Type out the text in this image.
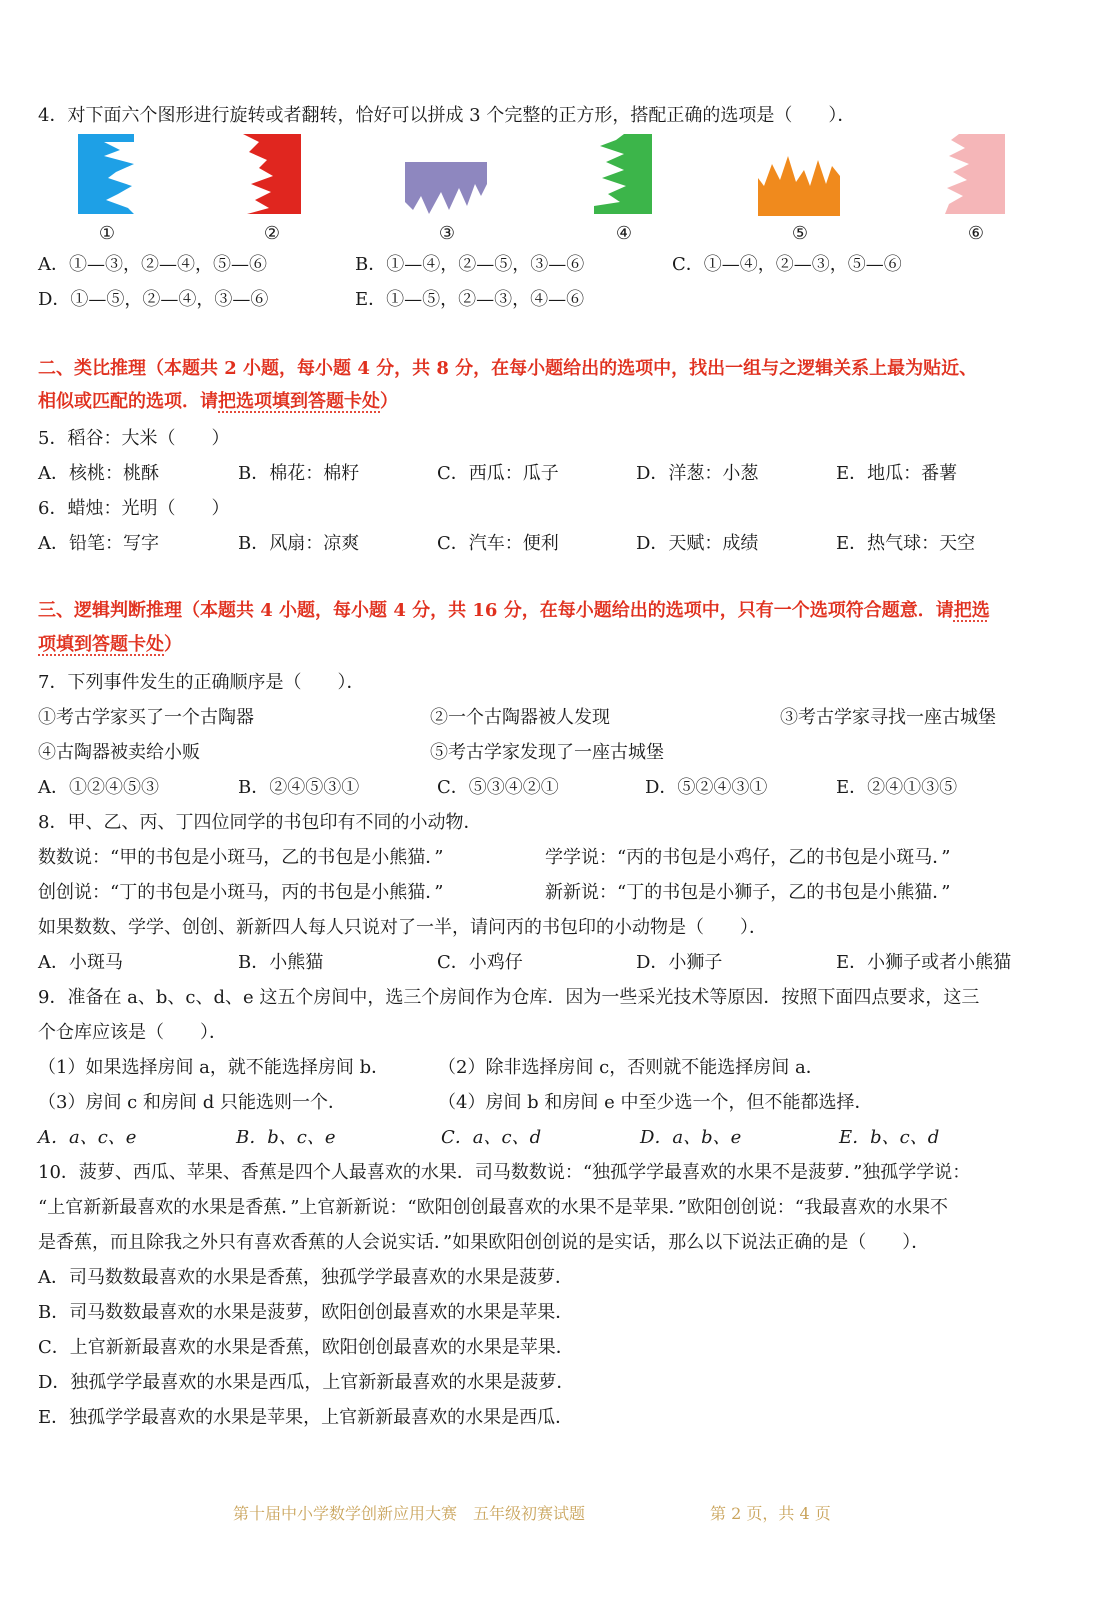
4．对下面六个图形进行旋转或者翻转，恰好可以拼成 3 个完整的正方形，搭配正确的选项是（　　）．
①	②	③	④	⑤	⑥
A．①—③，②—④，⑤—⑥	B．①—④，②—⑤，③—⑥	C．①—④，②—③，⑤—⑥
D．①—⑤，②—④，③—⑥	E．①—⑤，②—③，④—⑥
二、类比推理（本题共 2 小题，每小题 4 分，共 8 分，在每小题给出的选项中，找出一组与之逻辑关系上最为贴近、
相似或匹配的选项．请把选项填到答题卡处）
5．稻谷：大米（　　）
A．核桃：桃酥	B．棉花：棉籽	C．西瓜：瓜子	D．洋葱：小葱	E．地瓜：番薯
6．蜡烛：光明（　　）
A．铅笔：写字	B．风扇：凉爽	C．汽车：便利	D．天赋：成绩	E．热气球：天空
三、逻辑判断推理（本题共 4 小题，每小题 4 分，共 16 分，在每小题给出的选项中，只有一个选项符合题意．请把选
项填到答题卡处）
7．下列事件发生的正确顺序是（　　）．
①考古学家买了一个古陶器	②一个古陶器被人发现	③考古学家寻找一座古城堡
④古陶器被卖给小贩	⑤考古学家发现了一座古城堡
A．①②④⑤③	B．②④⑤③①	C．⑤③④②①	D．⑤②④③①	E．②④①③⑤
8．甲、乙、丙、丁四位同学的书包印有不同的小动物．
数数说：“甲的书包是小斑马，乙的书包是小熊猫．”	学学说：“丙的书包是小鸡仔，乙的书包是小斑马．”
创创说：“丁的书包是小斑马，丙的书包是小熊猫．”	新新说：“丁的书包是小狮子，乙的书包是小熊猫．”
如果数数、学学、创创、新新四人每人只说对了一半，请问丙的书包印的小动物是（　　）．
A．小斑马	B．小熊猫	C．小鸡仔	D．小狮子	E．小狮子或者小熊猫
9．准备在 a、b、c、d、e 这五个房间中，选三个房间作为仓库．因为一些采光技术等原因．按照下面四点要求，这三
个仓库应该是（　　）．
（1）如果选择房间 a，就不能选择房间 b．	（2）除非选择房间 c，否则就不能选择房间 a．
（3）房间 c 和房间 d 只能选则一个．	（4）房间 b 和房间 e 中至少选一个，但不能都选择．
A．a、c、e	B．b、c、e	C．a、c、d	D．a、b、e	E．b、c、d
10．菠萝、西瓜、苹果、香蕉是四个人最喜欢的水果．司马数数说：“独孤学学最喜欢的水果不是菠萝．”独孤学学说：
“上官新新最喜欢的水果是香蕉．”上官新新说：“欧阳创创最喜欢的水果不是苹果．”欧阳创创说：“我最喜欢的水果不
是香蕉，而且除我之外只有喜欢香蕉的人会说实话．”如果欧阳创创说的是实话，那么以下说法正确的是（　　）．
A．司马数数最喜欢的水果是香蕉，独孤学学最喜欢的水果是菠萝．
B．司马数数最喜欢的水果是菠萝，欧阳创创最喜欢的水果是苹果．
C．上官新新最喜欢的水果是香蕉，欧阳创创最喜欢的水果是苹果．
D．独孤学学最喜欢的水果是西瓜，上官新新最喜欢的水果是菠萝．
E．独孤学学最喜欢的水果是苹果，上官新新最喜欢的水果是西瓜．
第十届中小学数学创新应用大赛　五年级初赛试题	第 2 页，共 4 页
